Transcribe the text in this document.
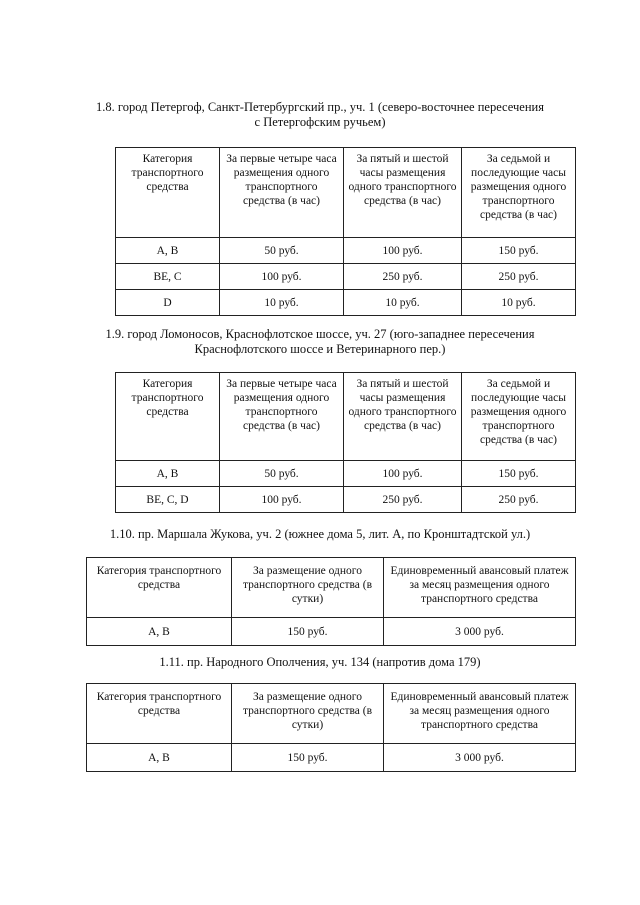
1.8. город Петергоф, Санкт-Петербургский пр., уч. 1 (северо-восточнее пересечения
с Петергофским ручьем)
Категория транспортного средства	За первые четыре часа размещения одного транспортного средства (в час)	За пятый и шестой часы размещения одного транспортного средства (в час)	За седьмой и последующие часы размещения одного транспортного средства (в час)
A, B	50 руб.	100 руб.	150 руб.
BE, C	100 руб.	250 руб.	250 руб.
D	10 руб.	10 руб.	10 руб.
1.9. город Ломоносов, Краснофлотское шоссе, уч. 27 (юго-западнее пересечения
Краснофлотского шоссе и Ветеринарного пер.)
Категория транспортного средства	За первые четыре часа размещения одного транспортного средства (в час)	За пятый и шестой часы размещения одного транспортного средства (в час)	За седьмой и последующие часы размещения одного транспортного средства (в час)
A, B	50 руб.	100 руб.	150 руб.
BE, C, D	100 руб.	250 руб.	250 руб.
1.10. пр. Маршала Жукова, уч. 2 (южнее дома 5, лит. А, по Кронштадтской ул.)
Категория транспортного средства	За размещение одного транспортного средства (в сутки)	Единовременный авансовый платеж за месяц размещения одного транспортного средства
A, B	150 руб.	3 000 руб.
1.11. пр. Народного Ополчения, уч. 134 (напротив дома 179)
Категория транспортного средства	За размещение одного транспортного средства (в сутки)	Единовременный авансовый платеж за месяц размещения одного транспортного средства
A, B	150 руб.	3 000 руб.
